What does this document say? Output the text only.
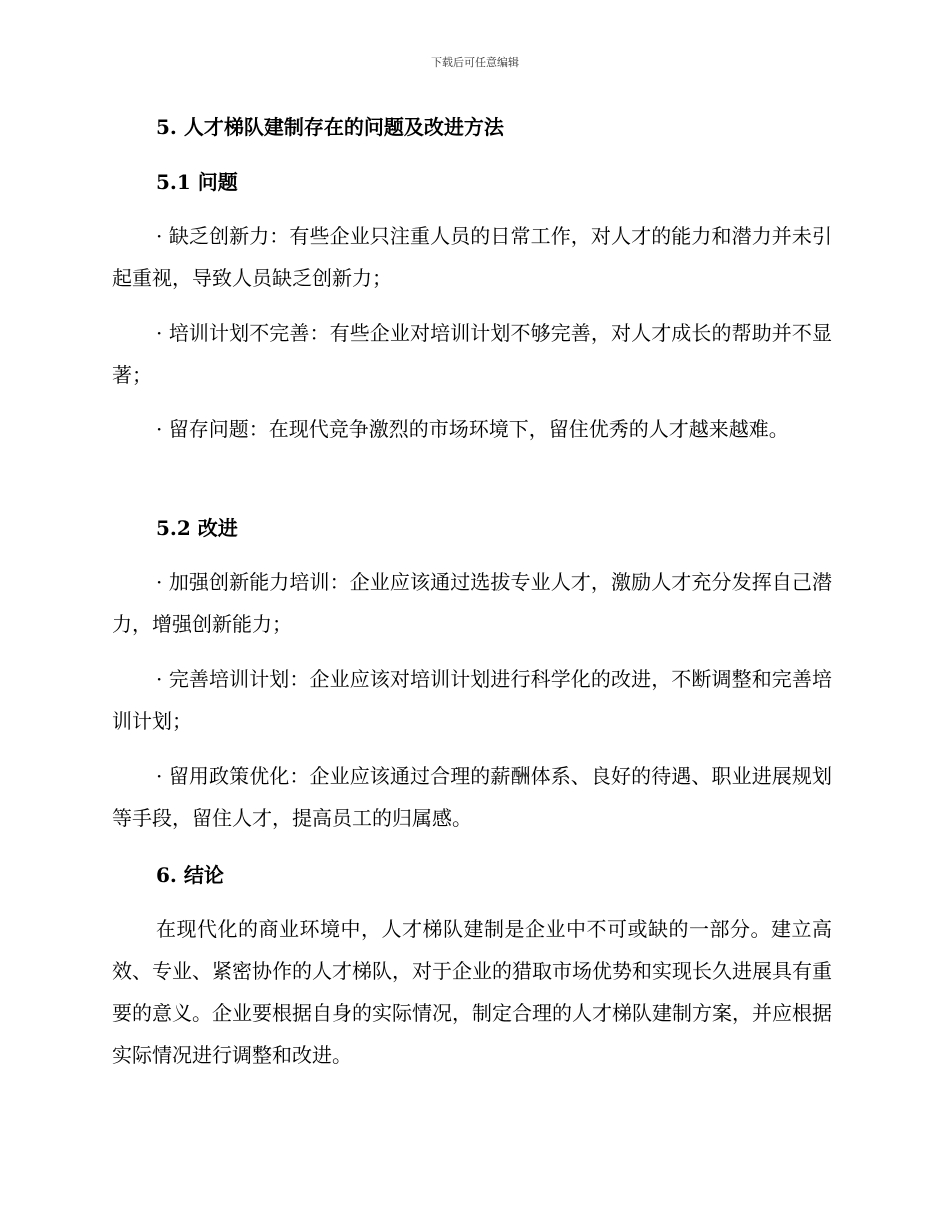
下载后可任意编辑
5. 人才梯队建制存在的问题及改进方法
5.1 问题

· 缺乏创新力：有些企业只注重人员的日常工作，对人才的能力和潜力并未引起重视，导致人员缺乏创新力；

· 培训计划不完善：有些企业对培训计划不够完善，对人才成长的帮助并不显著；

· 留存问题：在现代竞争激烈的市场环境下，留住优秀的人才越来越难。

5.2 改进

· 加强创新能力培训：企业应该通过选拔专业人才，激励人才充分发挥自己潜力，增强创新能力；

· 完善培训计划：企业应该对培训计划进行科学化的改进，不断调整和完善培训计划；

· 留用政策优化：企业应该通过合理的薪酬体系、良好的待遇、职业进展规划等手段，留住人才，提高员工的归属感。

6. 结论

在现代化的商业环境中，人才梯队建制是企业中不可或缺的一部分。建立高效、专业、紧密协作的人才梯队，对于企业的猎取市场优势和实现长久进展具有重要的意义。企业要根据自身的实际情况，制定合理的人才梯队建制方案，并应根据实际情况进行调整和改进。
